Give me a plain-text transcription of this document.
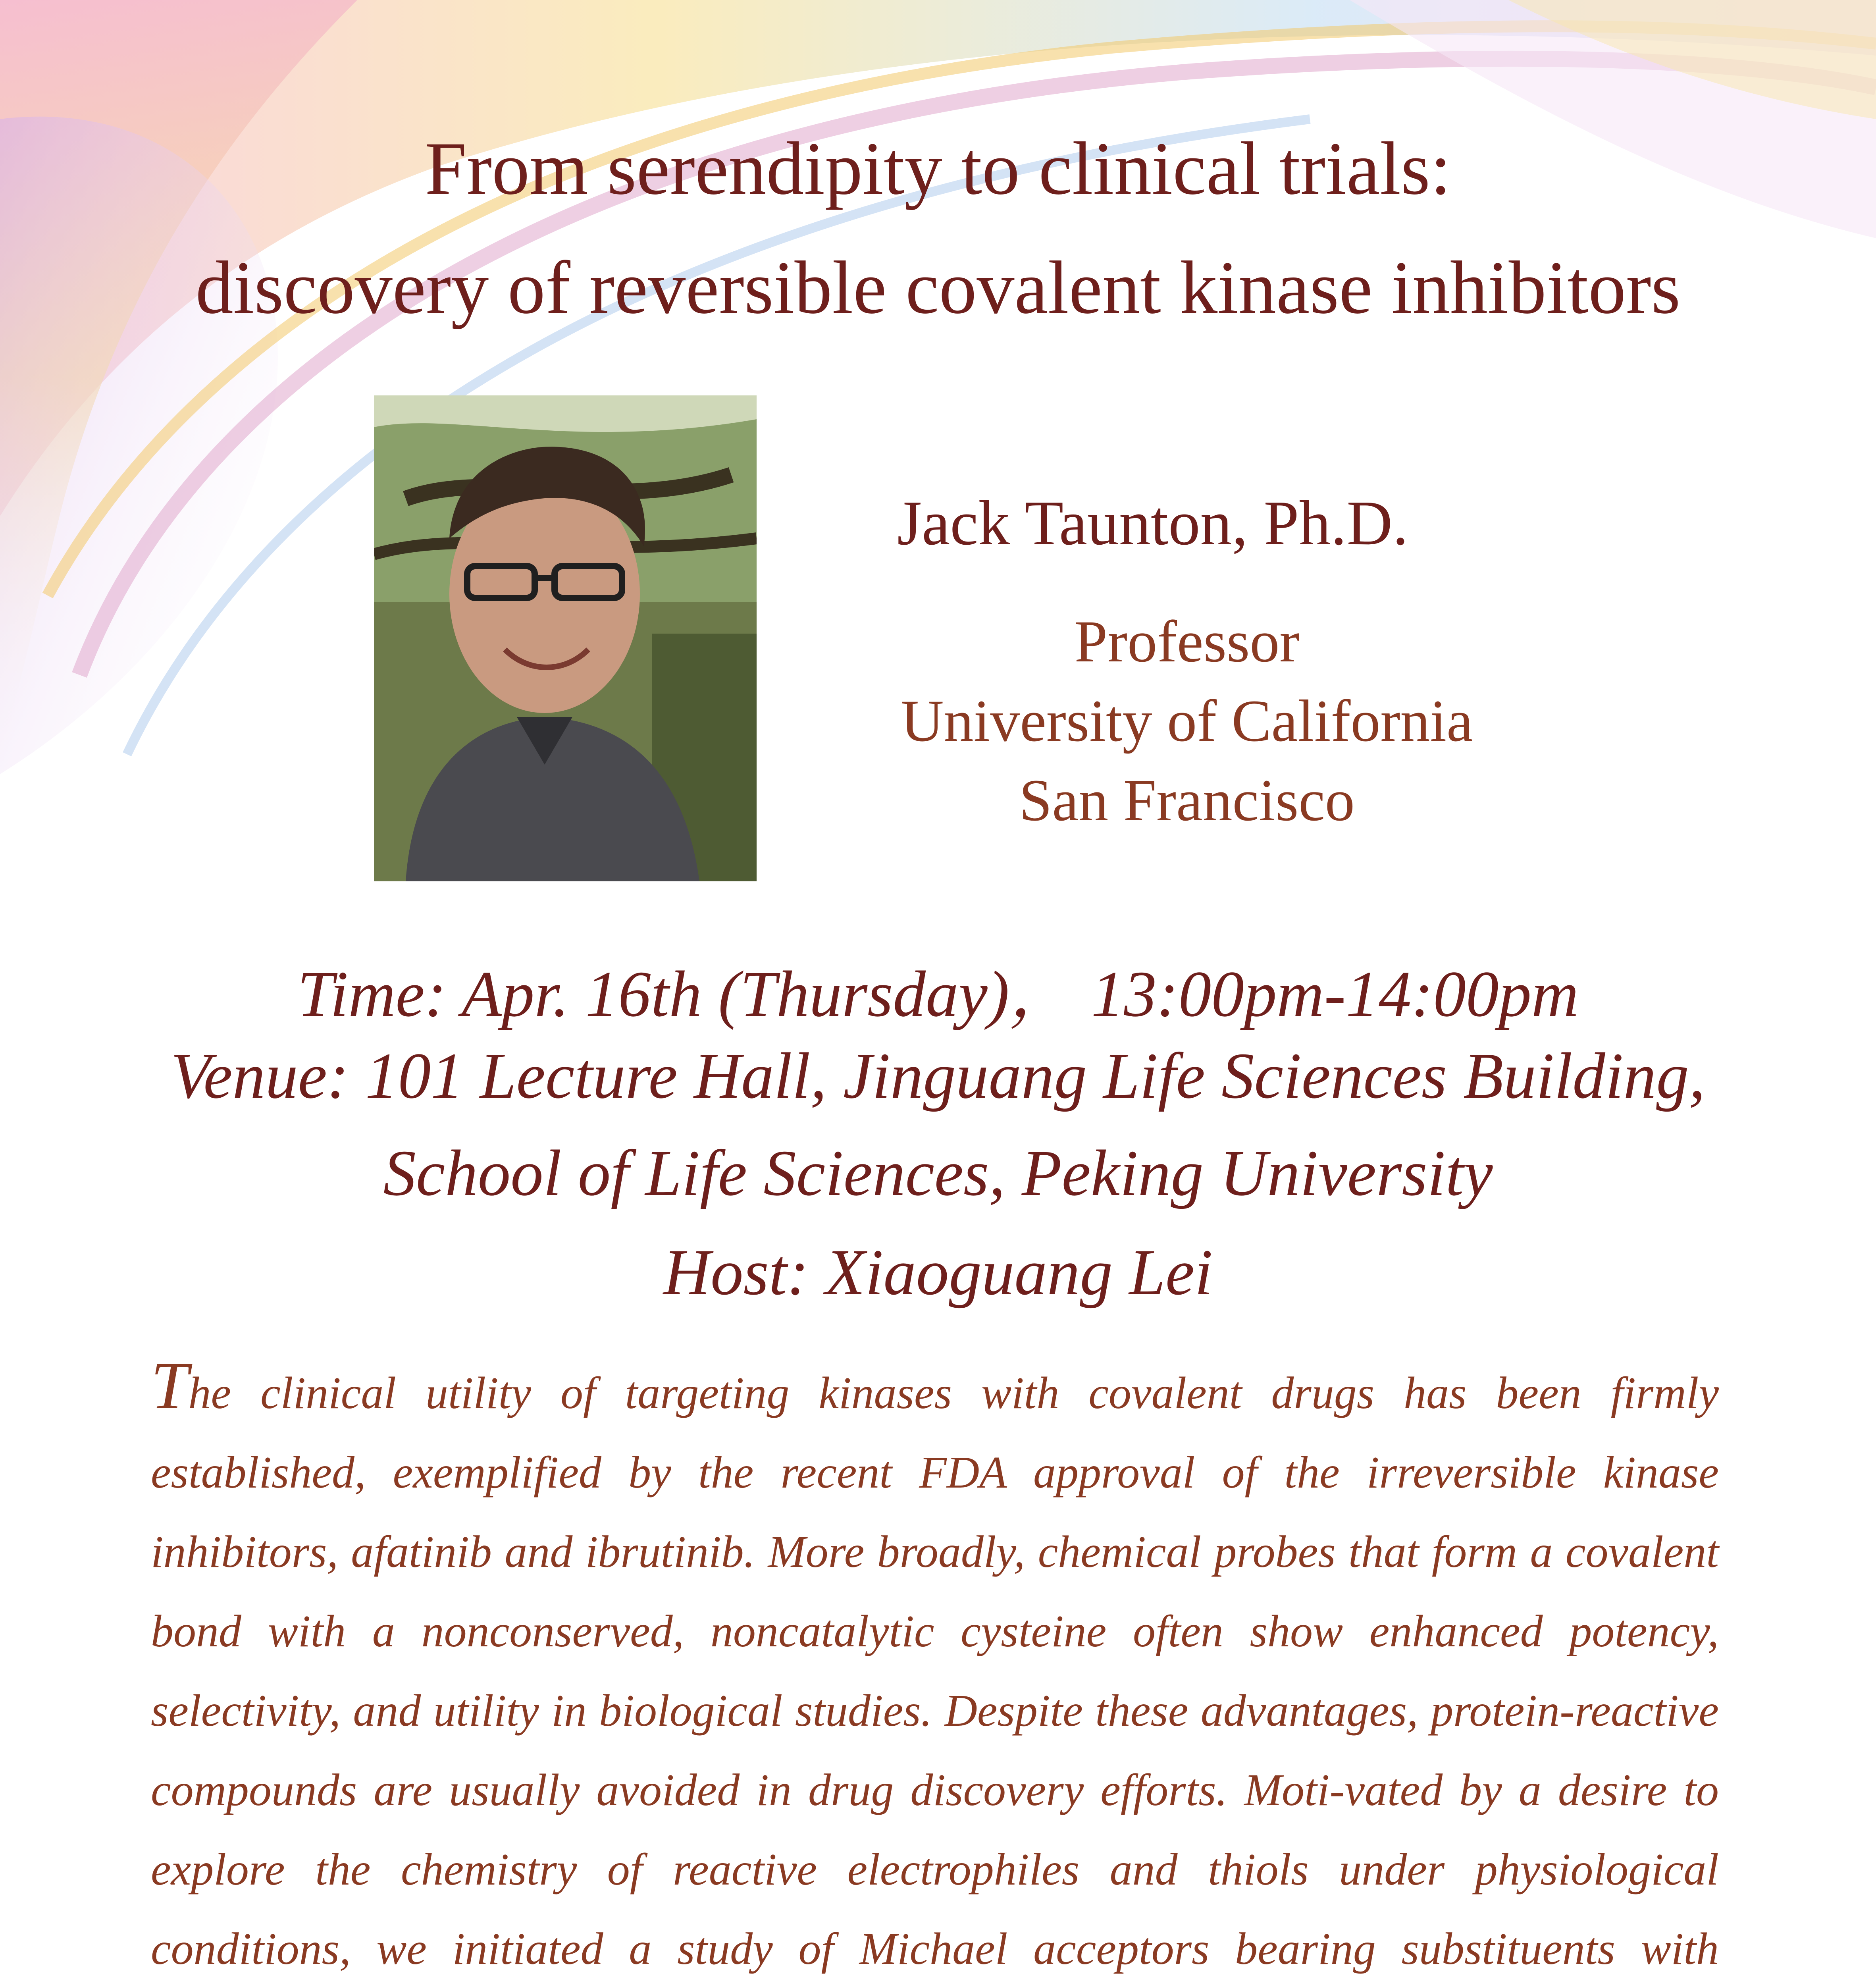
From serendipity to clinical trials:
discovery of reversible covalent kinase inhibitors
Jack Taunton, Ph.D.
Professor
University of California
San Francisco
Time: Apr. 16th (Thursday)， 13:00pm-14:00pm
Venue: 101 Lecture Hall, Jinguang Life Sciences Building,
School of Life Sciences, Peking University
Host: Xiaoguang Lei
The clinical utility of targeting kinases with covalent drugs has been firmly established, exemplified by the recent FDA approval of the irreversible kinase inhibitors, afatinib and ibrutinib. More broadly, chemical probes that form a covalent bond with a nonconserved, noncatalytic cysteine often show enhanced potency, selectivity, and utility in biological studies. Despite these advantages, protein-reactive compounds are usually avoided in drug discovery efforts. Moti-vated by a desire to explore the chemistry of reactive electrophiles and thiols under physiological conditions, we initiated a study of Michael acceptors bearing substituents with
